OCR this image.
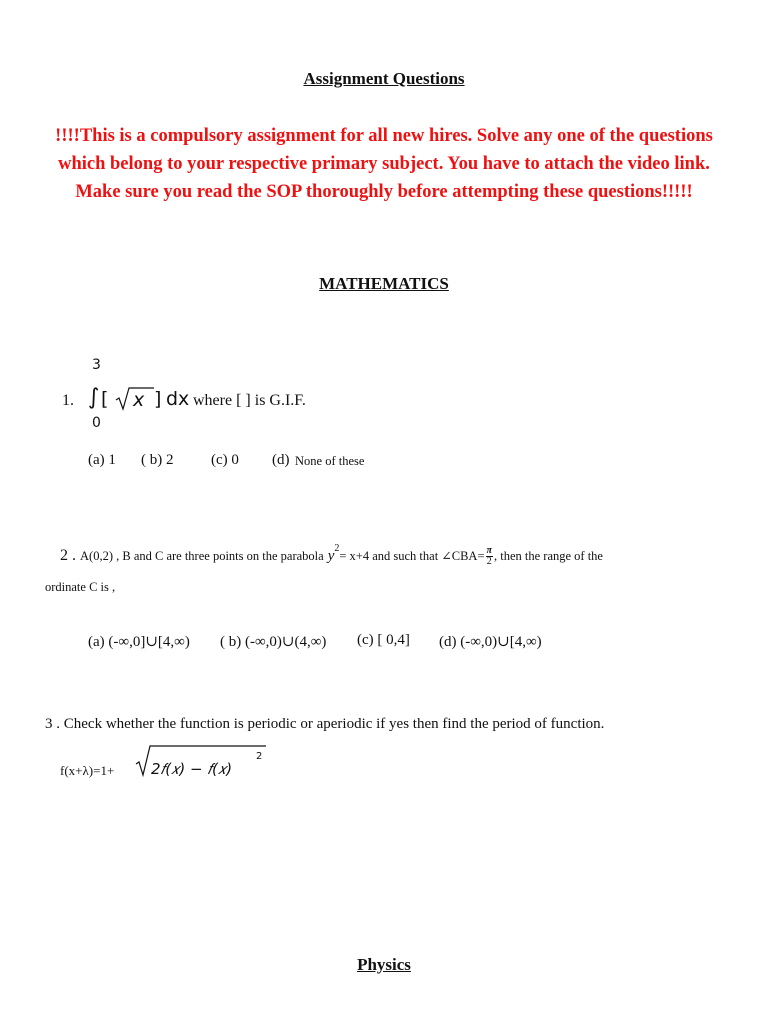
Assignment Questions
!!!!This is a compulsory assignment for all new hires. Solve any one of the questions which belong to your respective primary subject. You have to attach the video link. Make sure you read the SOP thoroughly before attempting these questions!!!!!
MATHEMATICS
3
1. ∫ [ x ] dx where [ ] is G.I.F.
0
(a) 1 ( b) 2	(c) 0 (d) None of these
2 . A(0,2) , B and C are three points on the parabola $y^2= x+4$ and such that ∠CBA= $\frac{\pi}{2}$ , then the range of the
ordinate C is ,
(a) (-∞,0]∪[4,∞) ( b) (-∞,0)∪(4,∞) (c) [ 0,4] (d) (-∞,0)∪[4,∞)
3 . Check whether the function is periodic or aperiodic if yes then find the period of function.
f(x+λ)=1+ 2𝑓(𝑥) − 𝑓(𝑥)
2
Physics
